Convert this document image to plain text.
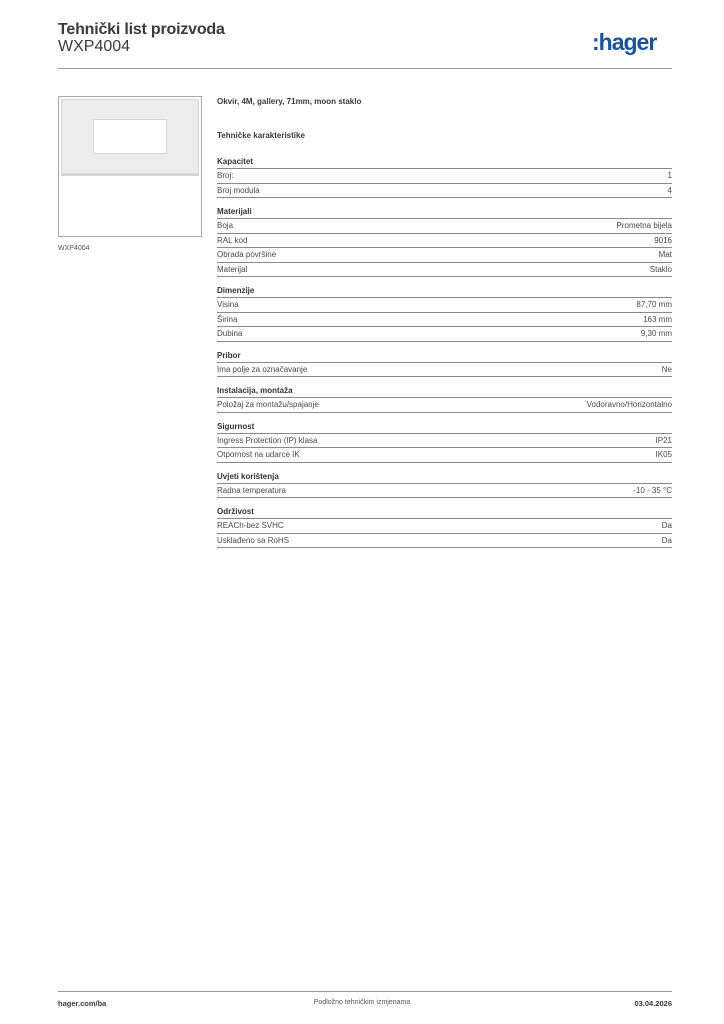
Tehnički list proizvoda
WXP4004	:hager
WXP4004
Okvir, 4M, gallery, 71mm, moon staklo
Tehničke karakteristike
Kapacitet
Broj:	1
Broj modula	4
Materijali
Boja	Prometna bijela
RAL kod	9016
Obrada površine	Mat
Materijal	Staklo
Dimenzije
Visina	87,70 mm
Širina	163 mm
Dubina	9,30 mm
Pribor
Ima polje za označavanje	Ne
Instalacija, montaža
Položaj za montažu/spajanje	Vodoravno/Horizontalno
Sigurnost
Ingress Protection (IP) klasa	IP21
Otpornost na udarce IK	IK05
Uvjeti korištenja
Radna temperatura	-10 - 35 °C
Održivost
REACh-bez SVHC	Da
Usklađeno sa RoHS	Da
hager.com/ba	Podložno tehničkim izmjenama	03.04.2026
